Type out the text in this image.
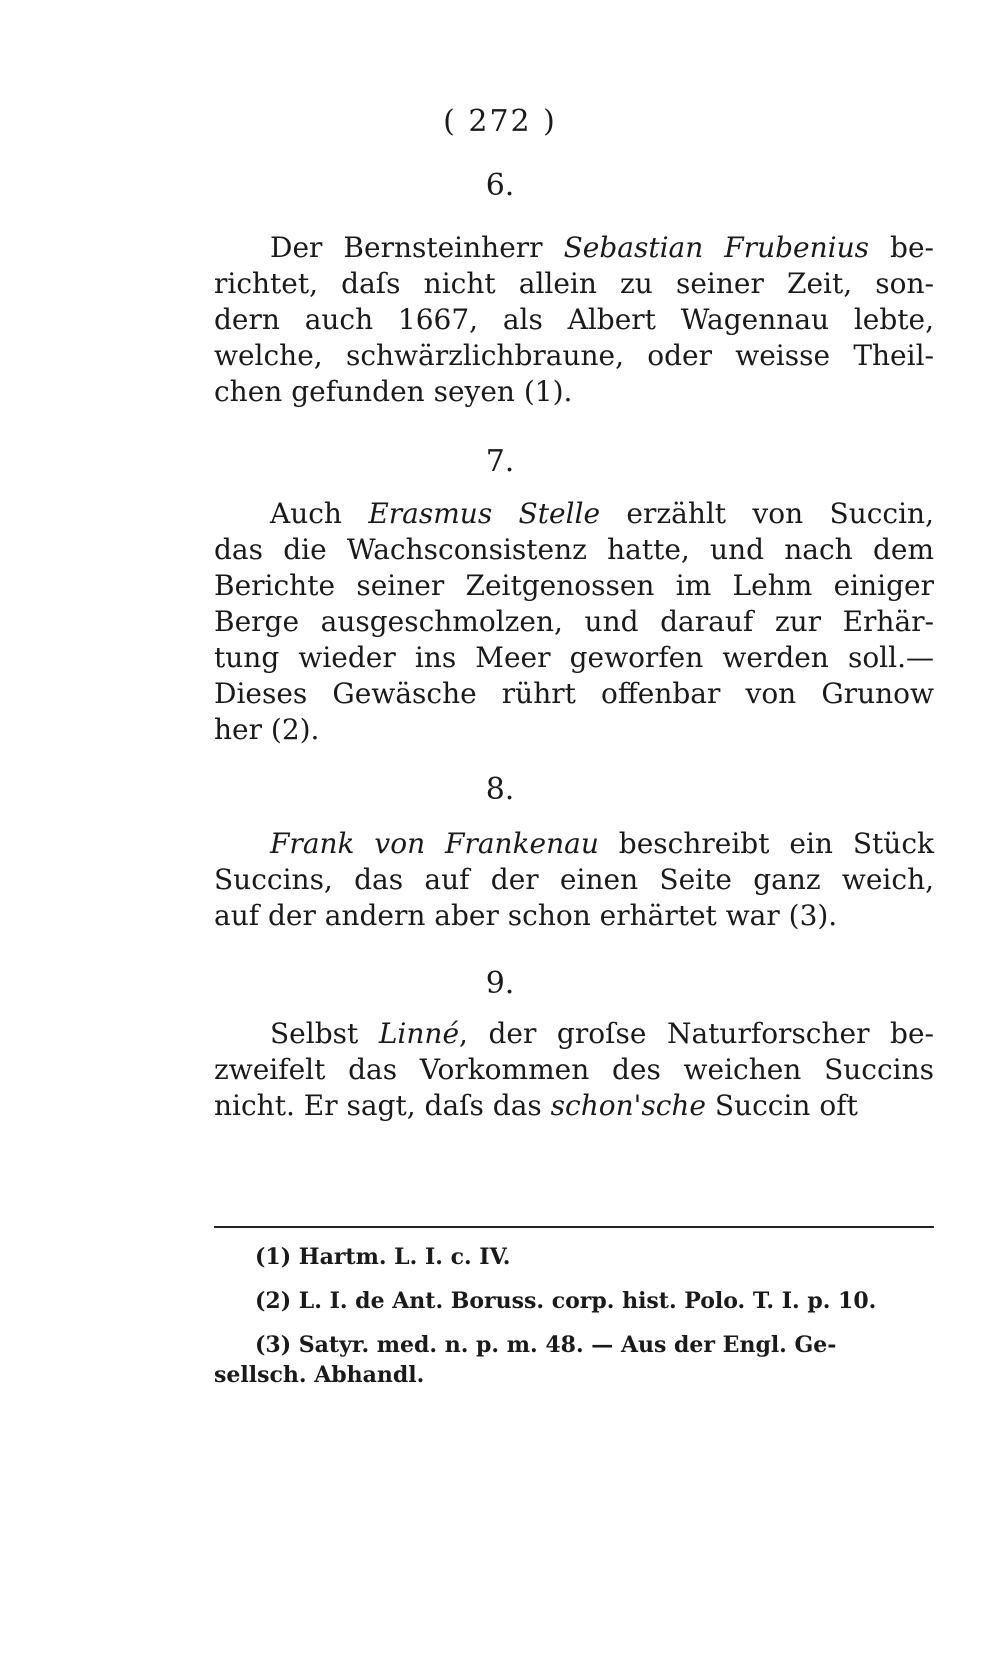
( 272 )
6.
Der Bernsteinherr Sebastian Frubenius be-
richtet, daſs nicht allein zu seiner Zeit, son-
dern auch 1667, als Albert Wagennau lebte,
welche, schwärzlichbraune, oder weisse Theil-
chen gefunden seyen (1).
7.
Auch Erasmus Stelle erzählt von Succin,
das die Wachsconsistenz hatte, und nach dem
Berichte seiner Zeitgenossen im Lehm einiger
Berge ausgeschmolzen, und darauf zur Erhär-
tung wieder ins Meer geworfen werden soll.—
Dieses Gewäsche rührt offenbar von Grunow
her (2).
8.
Frank von Frankenau beschreibt ein Stück
Succins, das auf der einen Seite ganz weich,
auf der andern aber schon erhärtet war (3).
9.
Selbst Linné, der groſse Naturforscher be-
zweifelt das Vorkommen des weichen Succins
nicht. Er sagt, daſs das schon'sche Succin oft
(1) Hartm. L. I. c. IV.
(2) L. I. de Ant. Boruss. corp. hist. Polo. T. I. p. 10.
(3) Satyr. med. n. p. m. 48. — Aus der Engl. Ge-
sellsch. Abhandl.
